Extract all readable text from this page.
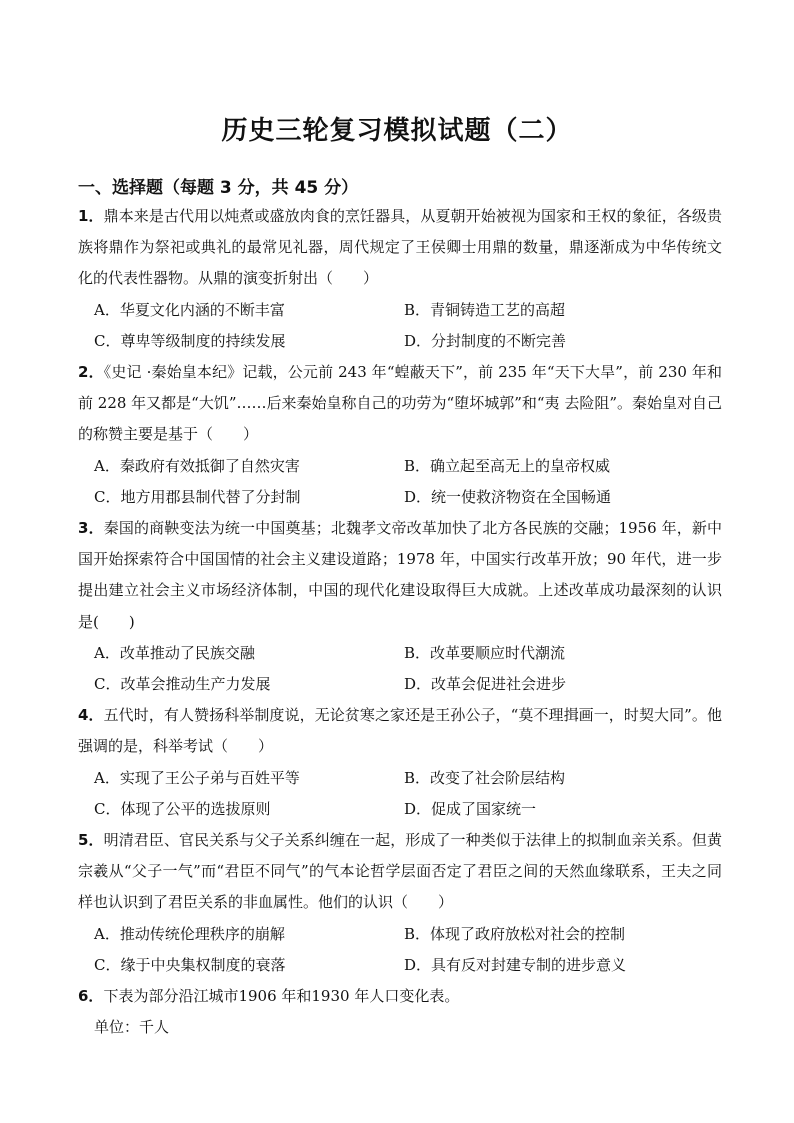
历史三轮复习模拟试题（二）
一、选择题（每题 3 分，共 45 分）

1．鼎本来是古代用以炖煮或盛放肉食的烹饪器具，从夏朝开始被视为国家和王权的象征，各级贵族将鼎作为祭祀或典礼的最常见礼器，周代规定了王侯卿士用鼎的数量，鼎逐渐成为中华传统文化的代表性器物。从鼎的演变折射出（　　）

A．华夏文化内涵的不断丰富	B．青铜铸造工艺的高超
C．尊卑等级制度的持续发展	D．分封制度的不断完善

2．《史记 ·秦始皇本纪》记载，公元前 243 年“蝗蔽天下”，前 235 年“天下大旱”，前 230 年和前 228 年又都是“大饥”……后来秦始皇称自己的功劳为“堕坏城郭”和“夷 去险阻”。秦始皇对自己的称赞主要是基于（　　）

A．秦政府有效抵御了自然灾害	B．确立起至高无上的皇帝权威
C．地方用郡县制代替了分封制	D．统一使救济物资在全国畅通

3．秦国的商鞅变法为统一中国奠基；北魏孝文帝改革加快了北方各民族的交融；1956 年，新中国开始探索符合中国国情的社会主义建设道路；1978 年，中国实行改革开放；90 年代，进一步提出建立社会主义市场经济体制，中国的现代化建设取得巨大成就。上述改革成功最深刻的认识是(　　)

A．改革推动了民族交融	B．改革要顺应时代潮流
C．改革会推动生产力发展	D．改革会促进社会进步

4．五代时，有人赞扬科举制度说，无论贫寒之家还是王孙公子，“莫不理揖画一，时契大同”。他强调的是，科举考试（　　）

A．实现了王公子弟与百姓平等	B．改变了社会阶层结构
C．体现了公平的选拔原则	D．促成了国家统一

5．明清君臣、官民关系与父子关系纠缠在一起，形成了一种类似于法律上的拟制血亲关系。但黄宗羲从“父子一气”而“君臣不同气”的气本论哲学层面否定了君臣之间的天然血缘联系，王夫之同样也认识到了君臣关系的非血属性。他们的认识（　　）

A．推动传统伦理秩序的崩解	B．体现了政府放松对社会的控制
C．缘于中央集权制度的衰落	D．具有反对封建专制的进步意义

6．下表为部分沿江城市1906 年和1930 年人口变化表。

单位：千人
